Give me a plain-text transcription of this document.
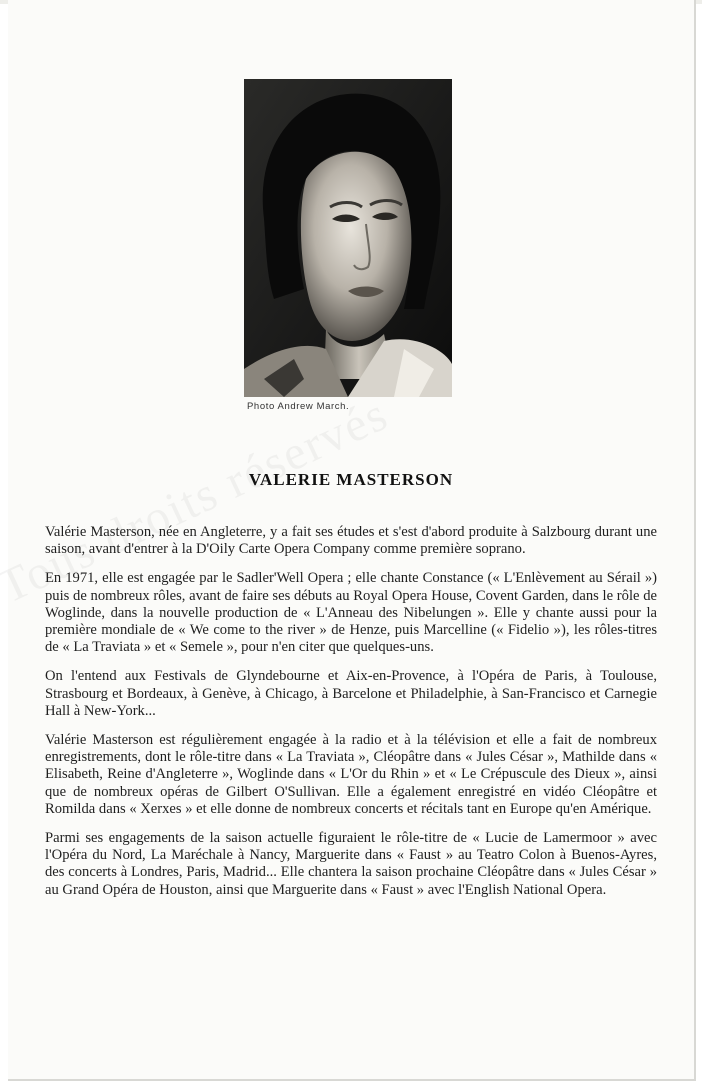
Photo Andrew March.
VALERIE MASTERSON

Valérie Masterson, née en Angleterre, y a fait ses études et s'est d'abord produite à Salzbourg durant une saison, avant d'entrer à la D'Oily Carte Opera Company comme première soprano.

En 1971, elle est engagée par le Sadler'Well Opera ; elle chante Constance (« L'Enlèvement au Sérail ») puis de nombreux rôles, avant de faire ses débuts au Royal Opera House, Covent Garden, dans le rôle de Woglinde, dans la nouvelle production de « L'Anneau des Nibelungen ». Elle y chante aussi pour la première mondiale de « We come to the river » de Henze, puis Marcelline (« Fidelio »), les rôles-titres de « La Traviata » et « Semele », pour n'en citer que quelques-uns.

On l'entend aux Festivals de Glyndebourne et Aix-en-Provence, à l'Opéra de Paris, à Toulouse, Strasbourg et Bordeaux, à Genève, à Chicago, à Barcelone et Philadelphie, à San-Francisco et Carnegie Hall à New-York...

Valérie Masterson est régulièrement engagée à la radio et à la télévision et elle a fait de nombreux enregistrements, dont le rôle-titre dans « La Traviata », Cléopâtre dans « Jules César », Mathilde dans « Elisabeth, Reine d'Angleterre », Woglinde dans « L'Or du Rhin » et « Le Crépuscule des Dieux », ainsi que de nombreux opéras de Gilbert O'Sullivan. Elle a également enregistré en vidéo Cléopâtre et Romilda dans « Xerxes » et elle donne de nombreux concerts et récitals tant en Europe qu'en Amérique.

Parmi ses engagements de la saison actuelle figuraient le rôle-titre de « Lucie de Lamermoor » avec l'Opéra du Nord, La Maréchale à Nancy, Marguerite dans « Faust » au Teatro Colon à Buenos-Ayres, des concerts à Londres, Paris, Madrid... Elle chantera la saison prochaine Cléopâtre dans « Jules César » au Grand Opéra de Houston, ainsi que Marguerite dans « Faust » avec l'English National Opera.
